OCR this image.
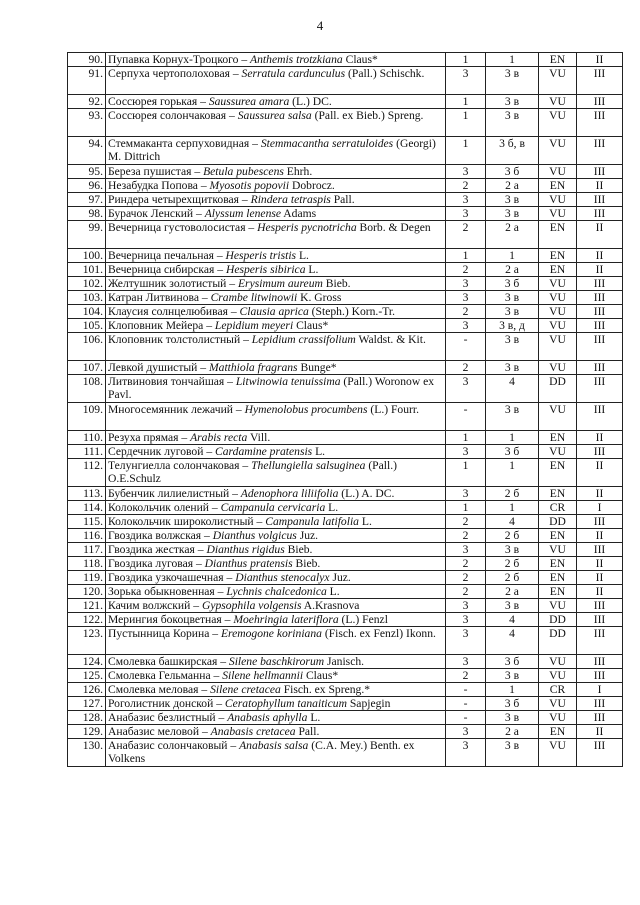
4
90.	Пупавка Корнух-Троцкого – Anthemis trotzkiana Claus*	1	1	EN	II
91.	Серпуха чертополоховая – Serratula cardunculus (Pall.) Schischk.	3	3 в	VU	III
92.	Соссюрея горькая – Saussurea amara (L.) DC.	1	3 в	VU	III
93.	Соссюрея солончаковая – Saussurea salsa (Pall. ex Bieb.) Spreng.	1	3 в	VU	III
94.	Стеммаканта серпуховидная – Stemmacantha serratuloides (Georgi) M. Dittrich	1	3 б, в	VU	III
95.	Береза пушистая – Betula pubescens Ehrh.	3	3 б	VU	III
96.	Незабудка Попова – Myosotis popovii Dobrocz.	2	2 а	EN	II
97.	Риндера четырехщитковая – Rindera tetraspis Pall.	3	3 в	VU	III
98.	Бурачок Ленский – Alyssum lenense Adams	3	3 в	VU	III
99.	Вечерница густоволосистая – Hesperis pycnotricha Borb. & Degen	2	2 а	EN	II
100.	Вечерница печальная – Hesperis tristis L.	1	1	EN	II
101.	Вечерница сибирская – Hesperis sibirica L.	2	2 а	EN	II
102.	Желтушник золотистый – Erysimum aureum Bieb.	3	3 б	VU	III
103.	Катран Литвинова – Crambe litwinowii K. Gross	3	3 в	VU	III
104.	Клаусия солнцелюбивая – Clausia aprica (Steph.) Korn.-Tr.	2	3 в	VU	III
105.	Клоповник Мейера – Lepidium meyeri Claus*	3	3 в, д	VU	III
106.	Клоповник толстолистный – Lepidium crassifolium Waldst. & Kit.	-	3 в	VU	III
107.	Левкой душистый – Matthiola fragrans Bunge*	2	3 в	VU	III
108.	Литвиновия тончайшая – Litwinowia tenuissima (Pall.) Woronow ex Pavl.	3	4	DD	III
109.	Многосемянник лежачий – Hymenolobus procumbens (L.) Fourr.	-	3 в	VU	III
110.	Резуха прямая – Arabis recta Vill.	1	1	EN	II
111.	Сердечник луговой – Cardamine pratensis L.	3	3 б	VU	III
112.	Телунгиелла солончаковая – Thellungiella salsuginea (Pall.) O.E.Schulz	1	1	EN	II
113.	Бубенчик лилиелистный – Adenophora liliifolia (L.) A. DC.	3	2 б	EN	II
114.	Колокольчик олений – Campanula cervicaria L.	1	1	CR	I
115.	Колокольчик широколистный – Campanula latifolia L.	2	4	DD	III
116.	Гвоздика волжская – Dianthus volgicus Juz.	2	2 б	EN	II
117.	Гвоздика жесткая – Dianthus rigidus Bieb.	3	3 в	VU	III
118.	Гвоздика луговая – Dianthus pratensis Bieb.	2	2 б	EN	II
119.	Гвоздика узкочашечная – Dianthus stenocalyx Juz.	2	2 б	EN	II
120.	Зорька обыкновенная – Lychnis chalcedonica L.	2	2 а	EN	II
121.	Качим волжский – Gypsophila volgensis A.Krasnova	3	3 в	VU	III
122.	Мерингия бокоцветная – Moehringia lateriflora (L.) Fenzl	3	4	DD	III
123.	Пустынница Корина – Eremogone koriniana (Fisch. ex Fenzl) Ikonn.	3	4	DD	III
124.	Смолевка башкирская – Silene baschkirorum Janisch.	3	3 б	VU	III
125.	Смолевка Гельманна – Silene hellmannii Claus*	2	3 в	VU	III
126.	Смолевка меловая – Silene cretacea Fisch. ex Spreng.*	-	1	CR	I
127.	Роголистник донской – Ceratophyllum tanaiticum Sapjegin	-	3 б	VU	III
128.	Анабазис безлистный – Anabasis aphylla L.	-	3 в	VU	III
129.	Анабазис меловой – Anabasis cretacea Pall.	3	2 а	EN	II
130.	Анабазис солончаковый – Anabasis salsa (C.A. Mey.) Benth. ex Volkens	3	3 в	VU	III
